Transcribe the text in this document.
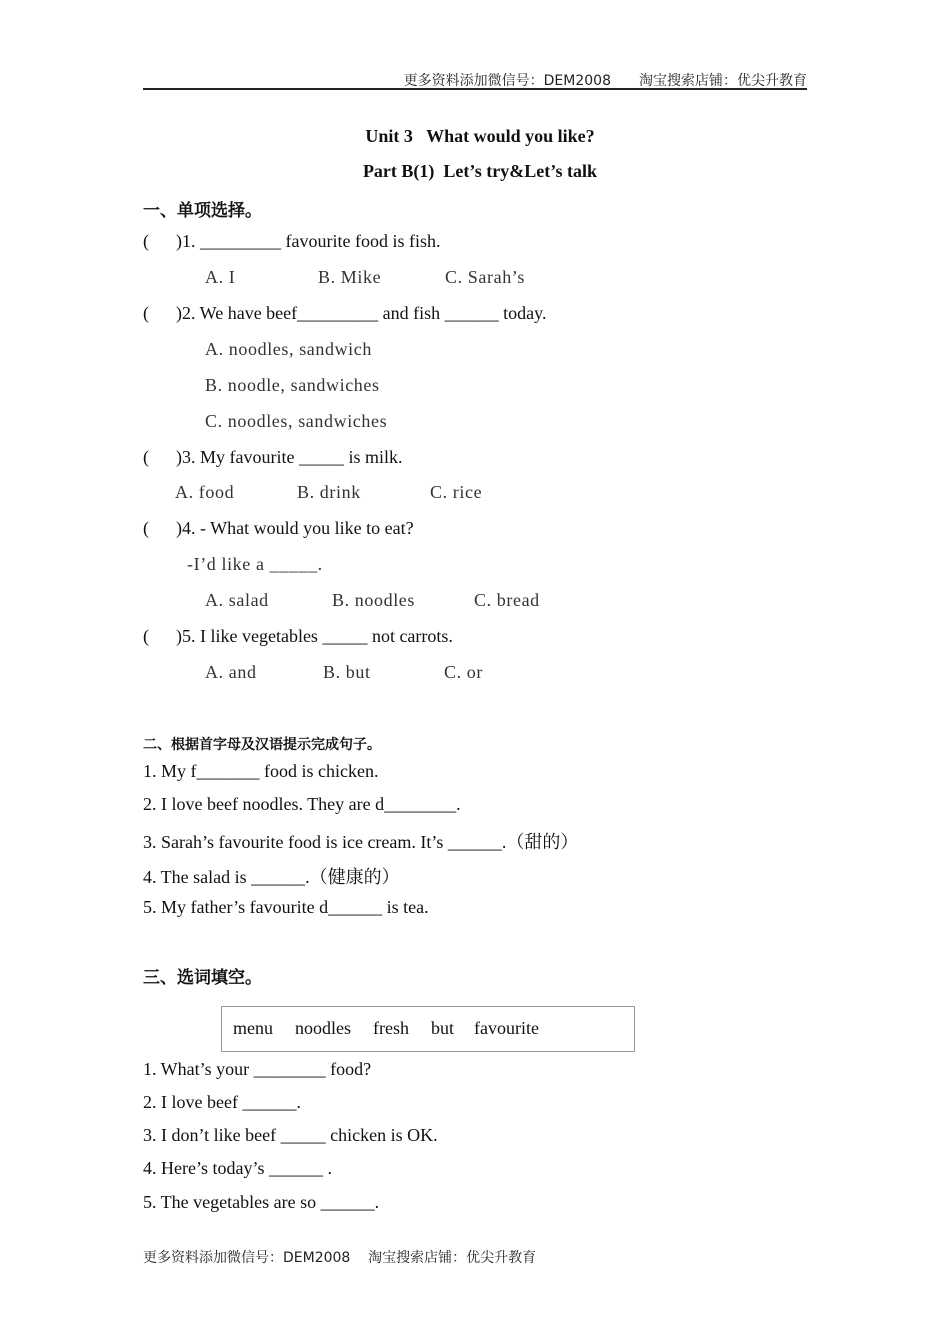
更多资料添加微信号：DEM2008　　淘宝搜索店铺：优尖升教育
Unit 3   What would you like?
Part B(1)  Let’s try&Let’s talk
一、单项选择。
(      )1. _________ favourite food is fish.
A. I	B. Mike	C. Sarah’s
(      )2. We have beef_________ and fish ______ today.
A. noodles, sandwich
B. noodle, sandwiches
C. noodles, sandwiches
(      )3. My favourite _____ is milk.
A. food	B. drink	C. rice
(      )4. - What would you like to eat?
-I’d like a _____.
A. salad	B. noodles	C. bread
(      )5. I like vegetables _____ not carrots.
A. and	B. but	C. or
二、根据首字母及汉语提示完成句子。
1. My f_______ food is chicken.
2. I love beef noodles. They are d________.
3. Sarah’s favourite food is ice cream. It’s ______.（甜的）
4. The salad is ______.（健康的）
5. My father’s favourite d______ is tea.
三、选词填空。
menu noodles fresh but favourite
1. What’s your ________ food?
2. I love beef ______.
3. I don’t like beef _____ chicken is OK.
4. Here’s today’s ______ .
5. The vegetables are so ______.
更多资料添加微信号：DEM2008    淘宝搜索店铺：优尖升教育
